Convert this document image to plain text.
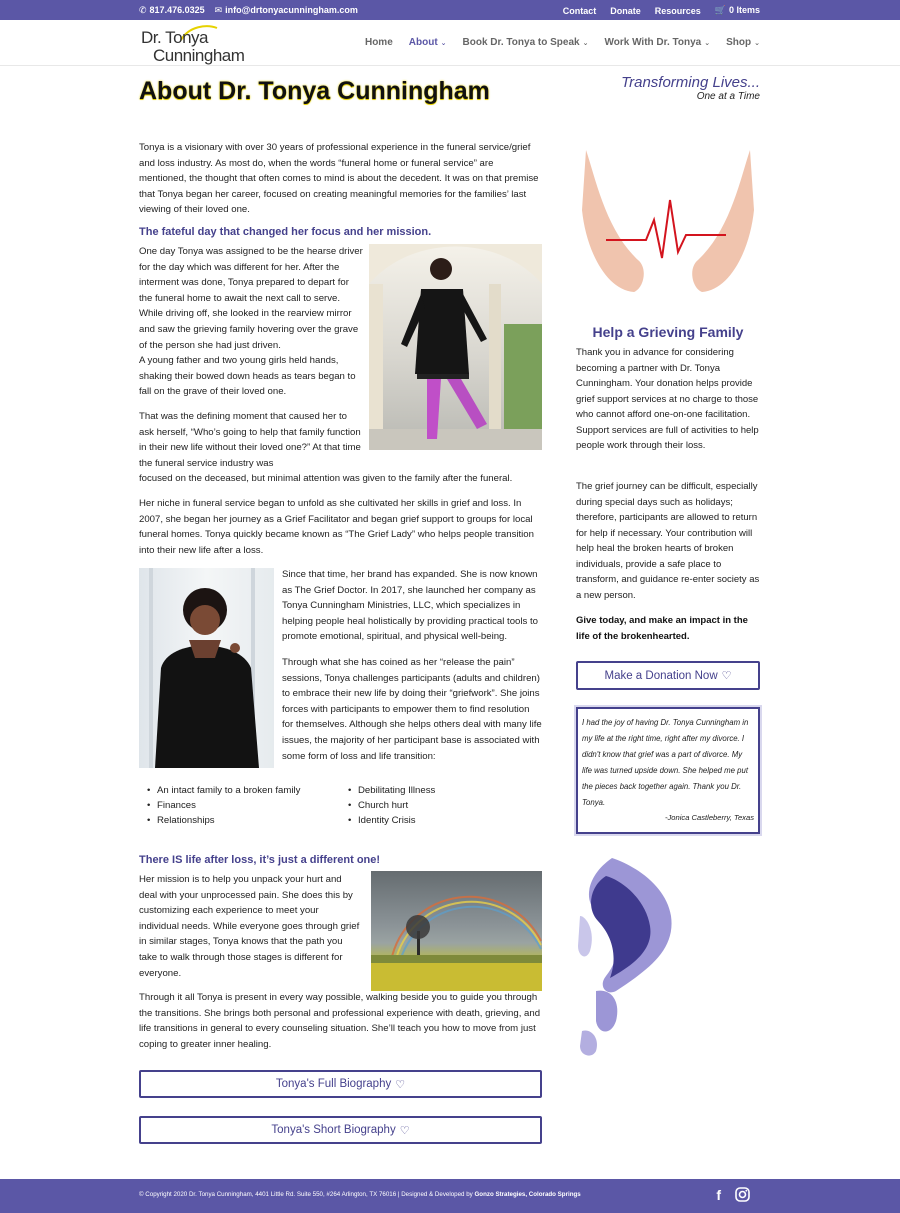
✆ 817.476.0325 ✉ info@drtonyacunningham.com	Contact Donate Resources 🛒 0 Items
Dr. Tonya
Cunningham
Home About ⌄ Book Dr. Tonya to Speak ⌄ Work With Dr. Tonya ⌄ Shop ⌄
About Dr. Tonya Cunningham	Transforming Lives...
One at a Time

Tonya is a visionary with over 30 years of professional experience in the funeral service/grief and loss industry. As most do, when the words “funeral home or funeral service” are mentioned, the thought that often comes to mind is about the decedent. It was on that premise that Tonya began her career, focused on creating meaningful memories for the families’ last viewing of their loved one.

The fateful day that changed her focus and her mission.

One day Tonya was assigned to be the hearse driver for the day which was different for her. After the interment was done, Tonya prepared to depart for the funeral home to await the next call to serve. While driving off, she looked in the rearview mirror and saw the grieving family hovering over the grave of the person she had just driven.

A young father and two young girls held hands, shaking their bowed down heads as tears began to fall on the grave of their loved one.

That was the defining moment that caused her to ask herself, “Who’s going to help that family function in their new life without their loved one?” At that time the funeral service industry was

focused on the deceased, but minimal attention was given to the family after the funeral.

Her niche in funeral service began to unfold as she cultivated her skills in grief and loss. In 2007, she began her journey as a Grief Facilitator and began grief support to groups for local funeral homes. Tonya quickly became known as “The Grief Lady” who helps people transition into their new life after a loss.

Since that time, her brand has expanded. She is now known as The Grief Doctor. In 2017, she launched her company as Tonya Cunningham Ministries, LLC, which specializes in helping people heal holistically by providing practical tools to promote emotional, spiritual, and physical well-being.

Through what she has coined as her “release the pain” sessions, Tonya challenges participants (adults and children) to embrace their new life by doing their “griefwork”. She joins forces with participants to empower them to find resolution for themselves. Although she helps others deal with many life issues, the majority of her participant base is associated with some form of loss and life transition:

• An intact family to a broken family
• Finances
• Relationships
• Debilitating Illness
• Church hurt
• Identity Crisis
There IS life after loss, it’s just a different one!

Her mission is to help you unpack your hurt and deal with your unprocessed pain. She does this by customizing each experience to meet your individual needs. While everyone goes through grief in similar stages, Tonya knows that the path you take to walk through those stages is different for everyone.

Through it all Tonya is present in every way possible, walking beside you to guide you through the transitions. She brings both personal and professional experience with death, grieving, and life transitions in general to every counseling situation. She’ll teach you how to move from just coping to greater inner healing.

Tonya's Full Biography ♡
Tonya's Short Biography ♡
Help a Grieving Family

Thank you in advance for considering becoming a partner with Dr. Tonya Cunningham. Your donation helps provide grief support services at no charge to those who cannot afford one-on-one facilitation. Support services are full of activities to help people work through their loss.

The grief journey can be difficult, especially during special days such as holidays; therefore, participants are allowed to return for help if necessary. Your contribution will help heal the broken hearts of broken individuals, provide a safe place to transform, and guidance re-enter society as a new person.

Give today, and make an impact in the life of the brokenhearted.

Make a Donation Now ♡
I had the joy of having Dr. Tonya Cunningham in my life at the right time, right after my divorce. I didn't know that grief was a part of divorce. My life was turned upside down. She helped me put the pieces back together again. Thank you Dr. Tonya.
-Jonica Castleberry, Texas
© Copyright 2020 Dr. Tonya Cunningham, 4401 Little Rd. Suite 550, #264 Arlington, TX 76016 | Designed & Developed by Gonzo Strategies, Colorado Springs	f
